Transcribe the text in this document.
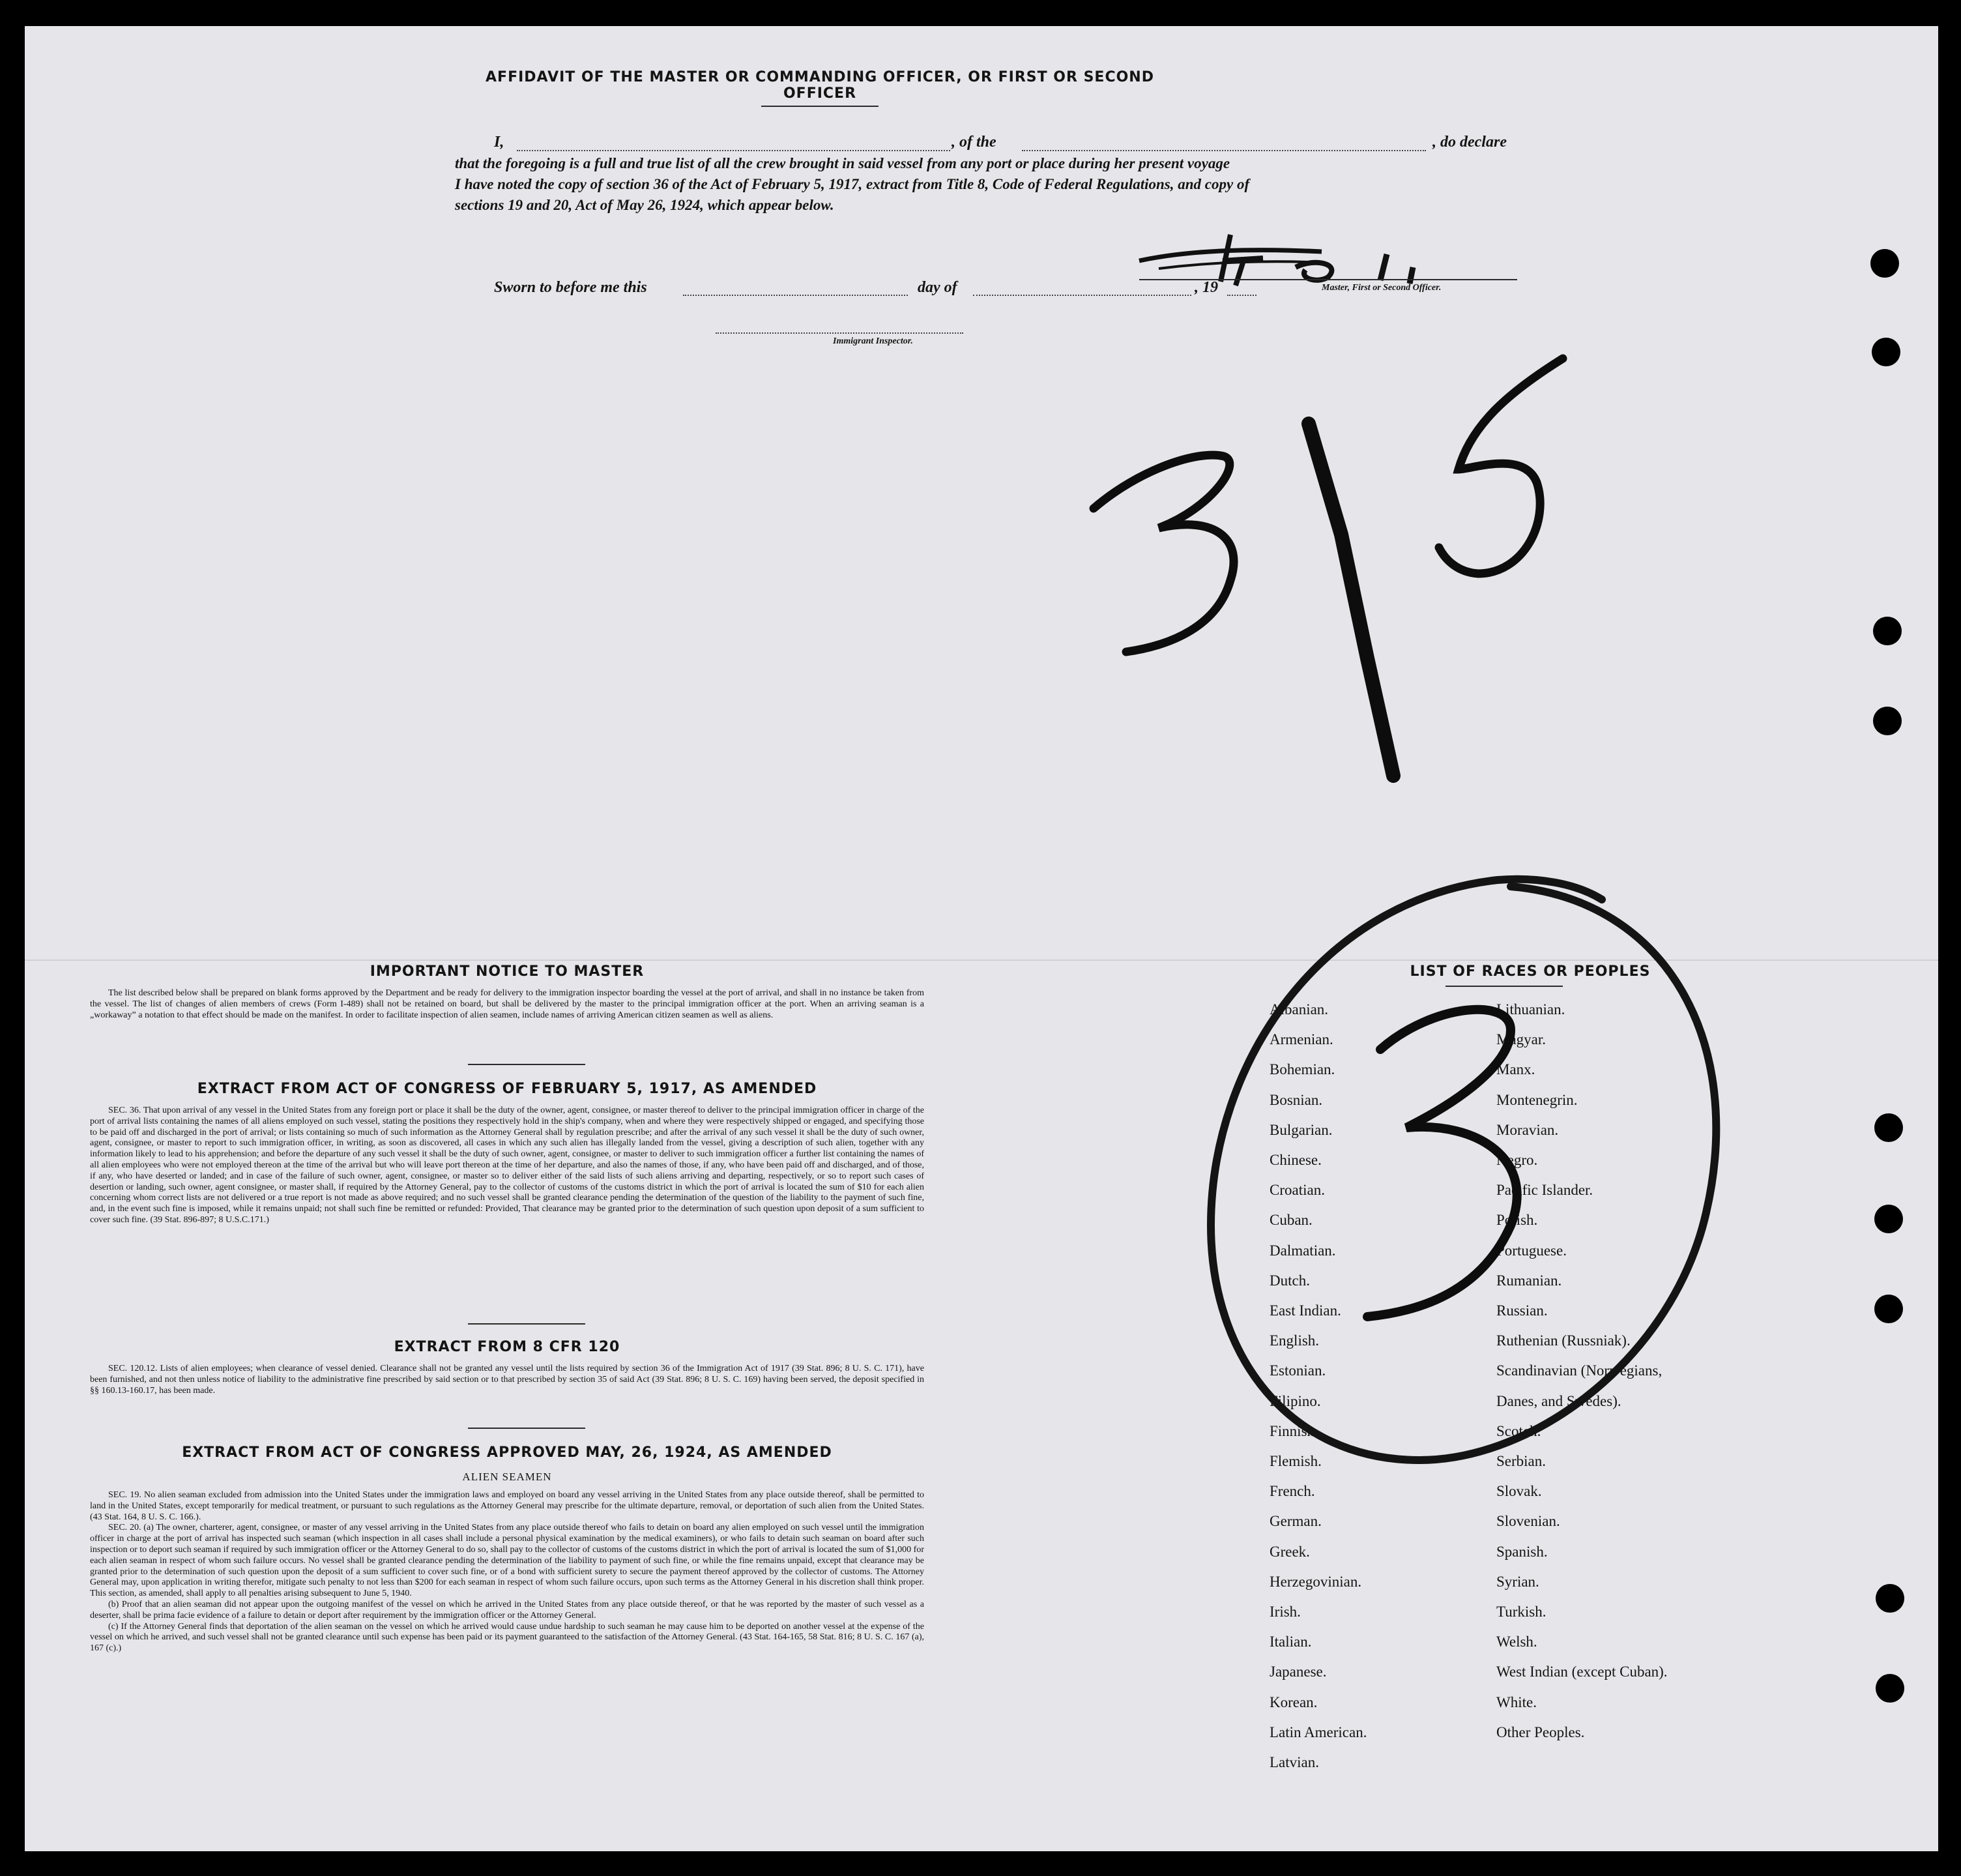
AFFIDAVIT OF THE MASTER OR COMMANDING OFFICER, OR FIRST OR SECOND OFFICER
I,	, of the	, do declare
that the foregoing is a full and true list of all the crew brought in said vessel from any port or place during her present voyage
I have noted the copy of section 36 of the Act of February 5, 1917, extract from Title 8, Code of Federal Regulations, and copy of
sections 19 and 20, Act of May 26, 1924, which appear below.
Master, First or Second Officer.
Sworn to before me this	day of	, 19
Immigrant Inspector.
IMPORTANT NOTICE TO MASTER

The list described below shall be prepared on blank forms approved by the Department and be ready for delivery to the immigration inspector boarding the vessel at the port of arrival, and shall in no instance be taken from the vessel. The list of changes of alien members of crews (Form I-489) shall not be retained on board, but shall be delivered by the master to the principal immigration officer at the port. When an arriving seaman is a „workaway” a notation to that effect should be made on the manifest. In order to facilitate inspection of alien seamen, include names of arriving American citizen seamen as well as aliens.

EXTRACT FROM ACT OF CONGRESS OF FEBRUARY 5, 1917, AS AMENDED

SEC. 36. That upon arrival of any vessel in the United States from any foreign port or place it shall be the duty of the owner, agent, consignee, or master thereof to deliver to the principal immigration officer in charge of the port of arrival lists containing the names of all aliens employed on such vessel, stating the positions they respectively hold in the ship's company, when and where they were respectively shipped or engaged, and specifying those to be paid off and discharged in the port of arrival; or lists containing so much of such information as the Attorney General shall by regulation prescribe; and after the arrival of any such vessel it shall be the duty of such owner, agent, consignee, or master to report to such immigration officer, in writing, as soon as discovered, all cases in which any such alien has illegally landed from the vessel, giving a description of such alien, together with any information likely to lead to his apprehension; and before the departure of any such vessel it shall be the duty of such owner, agent, consignee, or master to deliver to such immigration officer a further list containing the names of all alien employees who were not employed thereon at the time of the arrival but who will leave port thereon at the time of her departure, and also the names of those, if any, who have been paid off and discharged, and of those, if any, who have deserted or landed; and in case of the failure of such owner, agent, consignee, or master so to deliver either of the said lists of such aliens arriving and departing, respectively, or so to report such cases of desertion or landing, such owner, agent consignee, or master shall, if required by the Attorney General, pay to the collector of customs of the customs district in which the port of arrival is located the sum of $10 for each alien concerning whom correct lists are not delivered or a true report is not made as above required; and no such vessel shall be granted clearance pending the determination of the question of the liability to the payment of such fine, and, in the event such fine is imposed, while it remains unpaid; not shall such fine be remitted or refunded: Provided, That clearance may be granted prior to the determination of such question upon deposit of a sum sufficient to cover such fine. (39 Stat. 896-897; 8 U.S.C.171.)

EXTRACT FROM 8 CFR 120

SEC. 120.12. Lists of alien employees; when clearance of vessel denied. Clearance shall not be granted any vessel until the lists required by section 36 of the Immigration Act of 1917 (39 Stat. 896; 8 U. S. C. 171), have been furnished, and not then unless notice of liability to the administrative fine prescribed by said section or to that prescribed by section 35 of said Act (39 Stat. 896; 8 U. S. C. 169) having been served, the deposit specified in §§ 160.13-160.17, has been made.

EXTRACT FROM ACT OF CONGRESS APPROVED MAY, 26, 1924, AS AMENDED
ALIEN SEAMEN

SEC. 19. No alien seaman excluded from admission into the United States under the immigration laws and employed on board any vessel arriving in the United States from any place outside thereof, shall be permitted to land in the United States, except temporarily for medical treatment, or pursuant to such regulations as the Attorney General may prescribe for the ultimate departure, removal, or deportation of such alien from the United States. (43 Stat. 164, 8 U. S. C. 166.).

SEC. 20. (a) The owner, charterer, agent, consignee, or master of any vessel arriving in the United States from any place outside thereof who fails to detain on board any alien employed on such vessel until the immigration officer in charge at the port of arrival has inspected such seaman (which inspection in all cases shall include a personal physical examination by the medical examiners), or who fails to detain such seaman on board after such inspection or to deport such seaman if required by such immigration officer or the Attorney General to do so, shall pay to the collector of customs of the customs district in which the port of arrival is located the sum of $1,000 for each alien seaman in respect of whom such failure occurs. No vessel shall be granted clearance pending the determination of the liability to payment of such fine, or while the fine remains unpaid, except that clearance may be granted prior to the determination of such question upon the deposit of a sum sufficient to cover such fine, or of a bond with sufficient surety to secure the payment thereof approved by the collector of customs. The Attorney General may, upon application in writing therefor, mitigate such penalty to not less than $200 for each seaman in respect of whom such failure occurs, upon such terms as the Attorney General in his discretion shall think proper. This section, as amended, shall apply to all penalties arising subsequent to June 5, 1940.

(b) Proof that an alien seaman did not appear upon the outgoing manifest of the vessel on which he arrived in the United States from any place outside thereof, or that he was reported by the master of such vessel as a deserter, shall be prima facie evidence of a failure to detain or deport after requirement by the immigration officer or the Attorney General.

(c) If the Attorney General finds that deportation of the alien seaman on the vessel on which he arrived would cause undue hardship to such seaman he may cause him to be deported on another vessel at the expense of the vessel on which he arrived, and such vessel shall not be granted clearance until such expense has been paid or its payment guaranteed to the satisfaction of the Attorney General. (43 Stat. 164-165, 58 Stat. 816; 8 U. S. C. 167 (a), 167 (c).)

LIST OF RACES OR PEOPLES
Albanian.
Armenian.
Bohemian.
Bosnian.
Bulgarian.
Chinese.
Croatian.
Cuban.
Dalmatian.
Dutch.
East Indian.
English.
Estonian.
Filipino.
Finnish.
Flemish.
French.
German.
Greek.
Herzegovinian.
Irish.
Italian.
Japanese.
Korean.
Latin American.
Latvian.
Lithuanian.
Magyar.
Manx.
Montenegrin.
Moravian.
Negro.
Pacific Islander.
Polish.
Portuguese.
Rumanian.
Russian.
Ruthenian (Russniak).
Scandinavian (Norwegians,
Danes, and Swedes).
Scotch.
Serbian.
Slovak.
Slovenian.
Spanish.
Syrian.
Turkish.
Welsh.
West Indian (except Cuban).
White.
Other Peoples.
